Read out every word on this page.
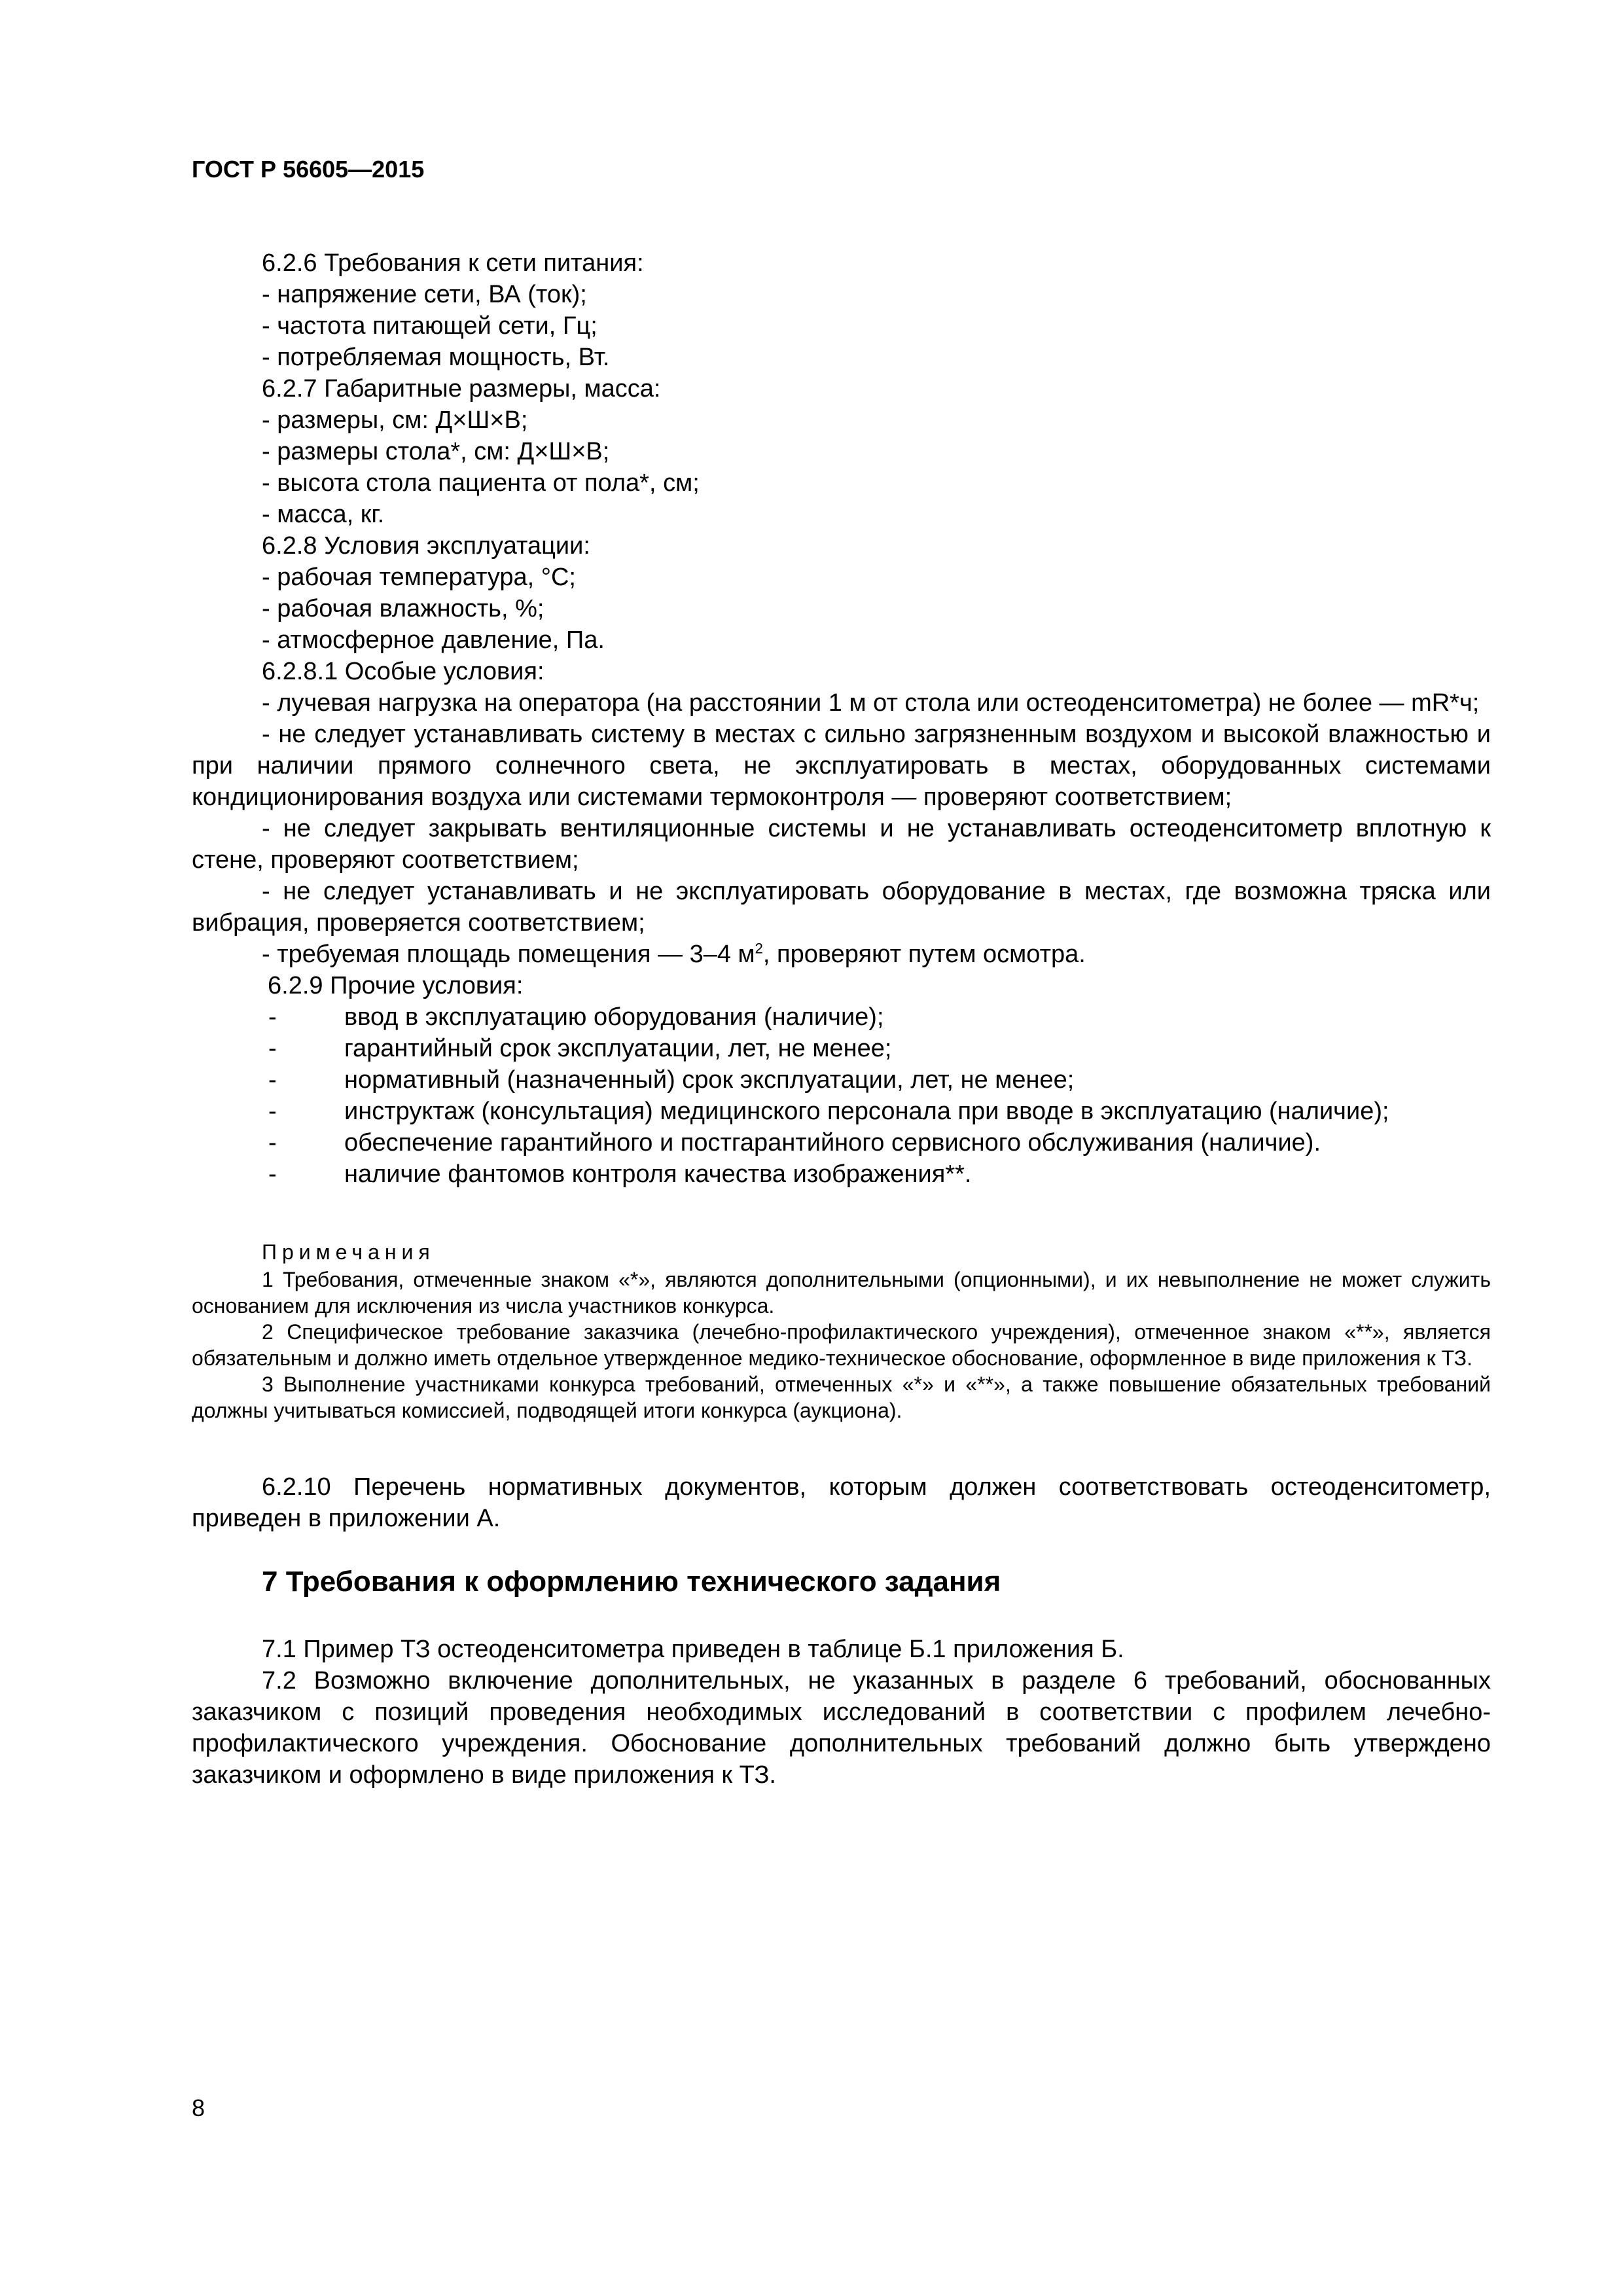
ГОСТ Р 56605—2015

6.2.6 Требования к сети питания:

- напряжение сети, ВА (ток);

- частота питающей сети, Гц;

- потребляемая мощность, Вт.

6.2.7 Габаритные размеры, масса:

- размеры, см: Д×Ш×В;

- размеры стола*, см: Д×Ш×В;

- высота стола пациента от пола*, см;

- масса, кг.

6.2.8 Условия эксплуатации:

- рабочая температура, °С;

- рабочая влажность, %;

- атмосферное давление, Па.

6.2.8.1 Особые условия:

- лучевая нагрузка на оператора (на расстоянии 1 м от стола или остеоденситометра) не более — mR*ч;

- не следует устанавливать систему в местах с сильно загрязненным воздухом и высокой влажностью и при наличии прямого солнечного света, не эксплуатировать в местах, оборудованных системами кондиционирования воздуха или системами термоконтроля — проверяют соответствием;

- не следует закрывать вентиляционные системы и не устанавливать остеоденситометр вплотную к стене, проверяют соответствием;

- не следует устанавливать и не эксплуатировать оборудование в местах, где возможна тряска или вибрация, проверяется соответствием;

- требуемая площадь помещения — 3–4 $м^2$, проверяют путем осмотра.

6.2.9 Прочие условия:

-	ввод в эксплуатацию оборудования (наличие);
-	гарантийный срок эксплуатации, лет, не менее;
-	нормативный (назначенный) срок эксплуатации, лет, не менее;
-	инструктаж (консультация) медицинского персонала при вводе в эксплуатацию (наличие);
-	обеспечение гарантийного и постгарантийного сервисного обслуживания (наличие).
-	наличие фантомов контроля качества изображения**.

Примечания

1 Требования, отмеченные знаком «*», являются дополнительными (опционными), и их невыполнение не может служить основанием для исключения из числа участников конкурса.

2 Специфическое требование заказчика (лечебно-профилактического учреждения), отмеченное знаком «**», является обязательным и должно иметь отдельное утвержденное медико-техническое обоснование, оформленное в виде приложения к ТЗ.

3 Выполнение участниками конкурса требований, отмеченных «*» и «**», а также повышение обязательных требований должны учитываться комиссией, подводящей итоги конкурса (аукциона).

6.2.10 Перечень нормативных документов, которым должен соответствовать остеоденситометр, приведен в приложении А.

7 Требования к оформлению технического задания

7.1 Пример ТЗ остеоденситометра приведен в таблице Б.1 приложения Б.

7.2 Возможно включение дополнительных, не указанных в разделе 6 требований, обоснованных заказчиком с позиций проведения необходимых исследований в соответствии с профилем лечебно-профилактического учреждения. Обоснование дополнительных требований должно быть утверждено заказчиком и оформлено в виде приложения к ТЗ.

8
